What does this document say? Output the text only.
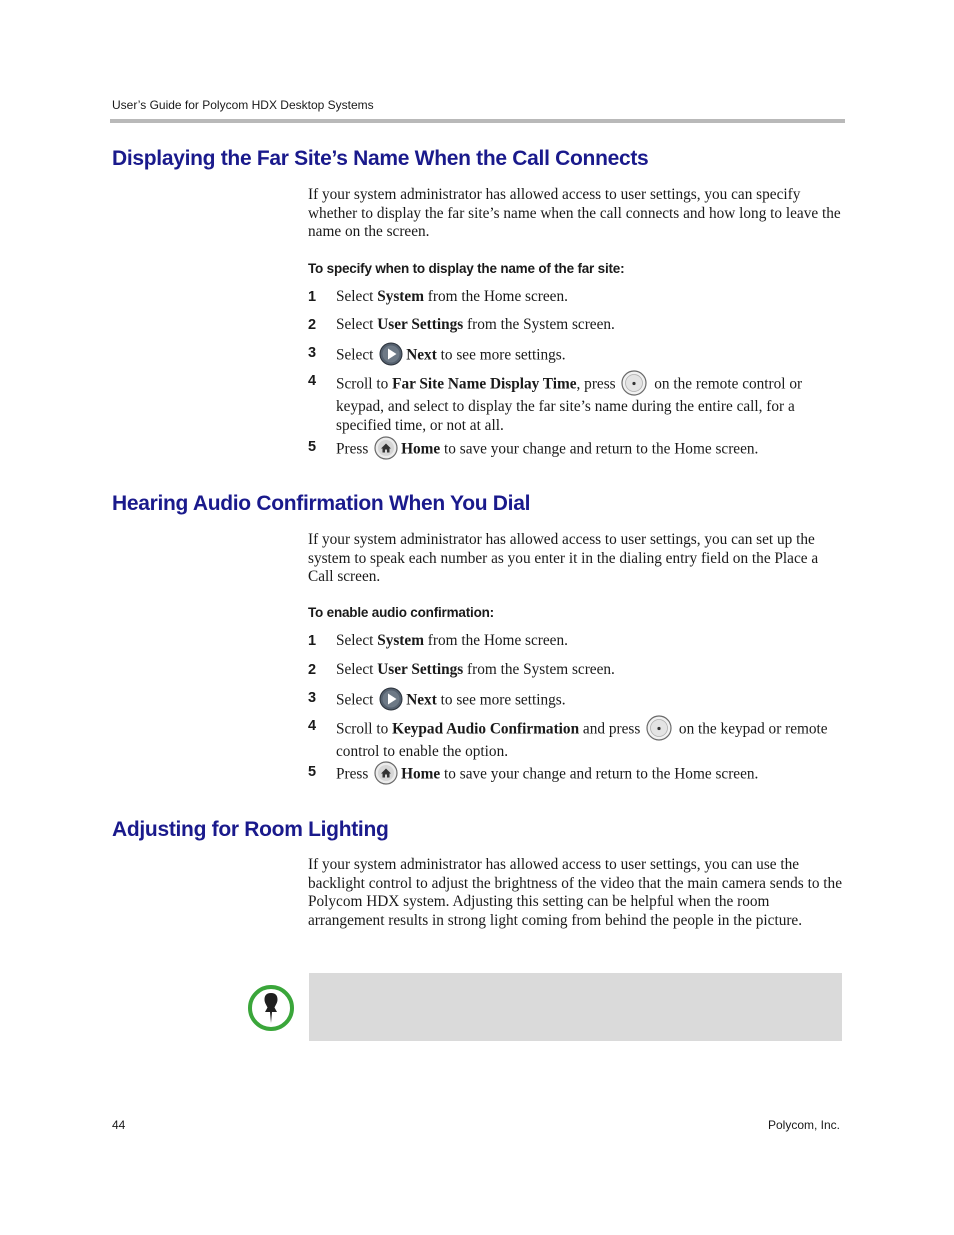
User’s Guide for Polycom HDX Desktop Systems
Displaying the Far Site’s Name When the Call Connects

If your system administrator has allowed access to user settings, you can specify whether to display the far site’s name when the call connects and how long to leave the name on the screen.

To specify when to display the name of the far site:
1 Select System from the Home screen.
2 Select User Settings from the System screen.
3 Select
Next to see more settings.
4 Scroll to Far Site Name Display Time, press
on the remote control or keypad, and select to display the far site’s name during the entire call, for a specified time, or not at all.
5 Press
Home to save your change and return to the Home screen.
Hearing Audio Confirmation When You Dial

If your system administrator has allowed access to user settings, you can set up the system to speak each number as you enter it in the dialing entry field on the Place a Call screen.

To enable audio confirmation:
1 Select System from the Home screen.
2 Select User Settings from the System screen.
3 Select
Next to see more settings.
4 Scroll to Keypad Audio Confirmation and press
on the keypad or remote control to enable the option.
5 Press
Home to save your change and return to the Home screen.
Adjusting for Room Lighting

If your system administrator has allowed access to user settings, you can use the backlight control to adjust the brightness of the video that the main camera sends to the Polycom HDX system. Adjusting this setting can be helpful when the room arrangement results in strong light coming from behind the people in the picture.

44	Polycom, Inc.
